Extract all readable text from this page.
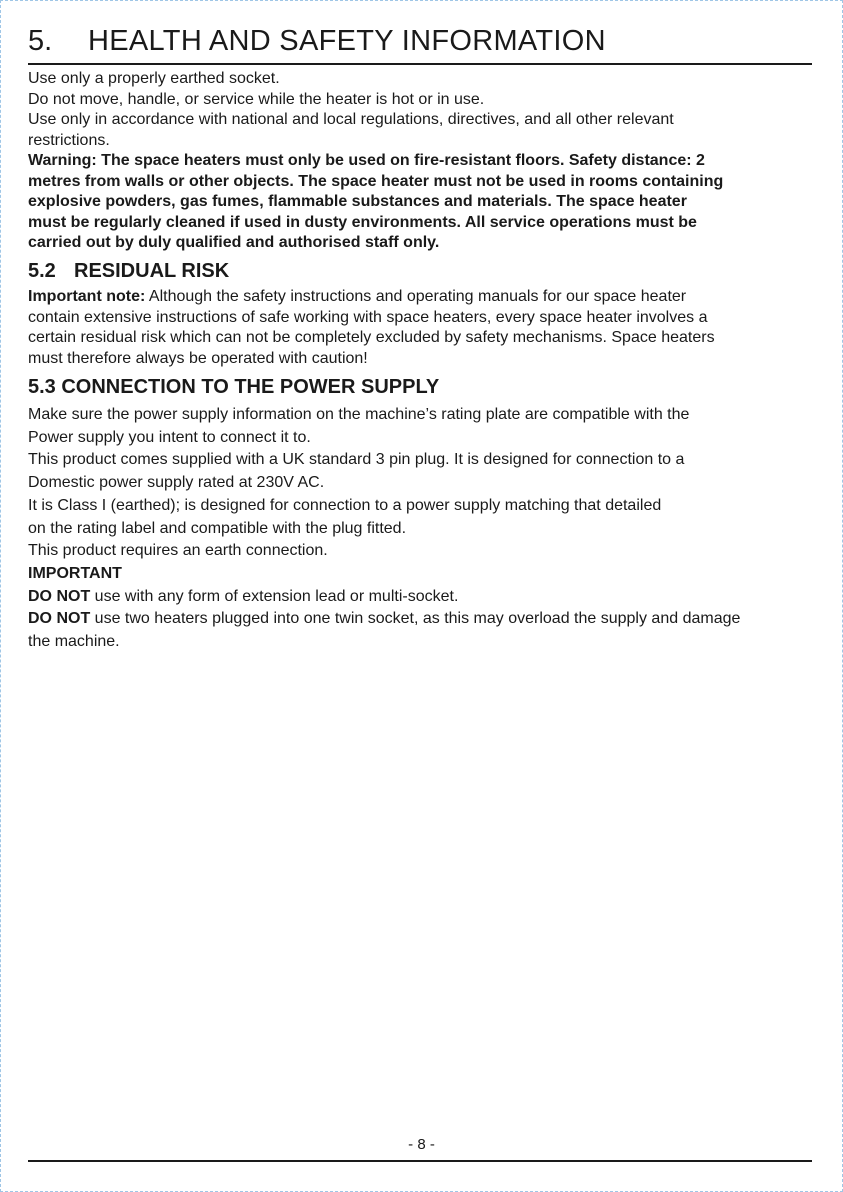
5. HEALTH AND SAFETY INFORMATION
Use only a properly earthed socket.
Do not move, handle, or service while the heater is hot or in use.
Use only in accordance with national and local regulations, directives, and all other relevant
restrictions.
Warning: The space heaters must only be used on fire-resistant floors. Safety distance: 2
metres from walls or other objects. The space heater must not be used in rooms containing
explosive powders, gas fumes, flammable substances and materials. The space heater
must be regularly cleaned if used in dusty environments. All service operations must be
carried out by duly qualified and authorised staff only.
5.2 RESIDUAL RISK
Important note: Although the safety instructions and operating manuals for our space heater
contain extensive instructions of safe working with space heaters, every space heater involves a
certain residual risk which can not be completely excluded by safety mechanisms. Space heaters
must therefore always be operated with caution!
5.3 CONNECTION TO THE POWER SUPPLY
Make sure the power supply information on the machine’s rating plate are compatible with the
Power supply you intent to connect it to.
This product comes supplied with a UK standard 3 pin plug. It is designed for connection to a
Domestic power supply rated at 230V AC.
It is Class I (earthed); is designed for connection to a power supply matching that detailed
on the rating label and compatible with the plug fitted.
This product requires an earth connection.
IMPORTANT
DO NOT use with any form of extension lead or multi-socket.
DO NOT use two heaters plugged into one twin socket, as this may overload the supply and damage
the machine.
- 8 -
